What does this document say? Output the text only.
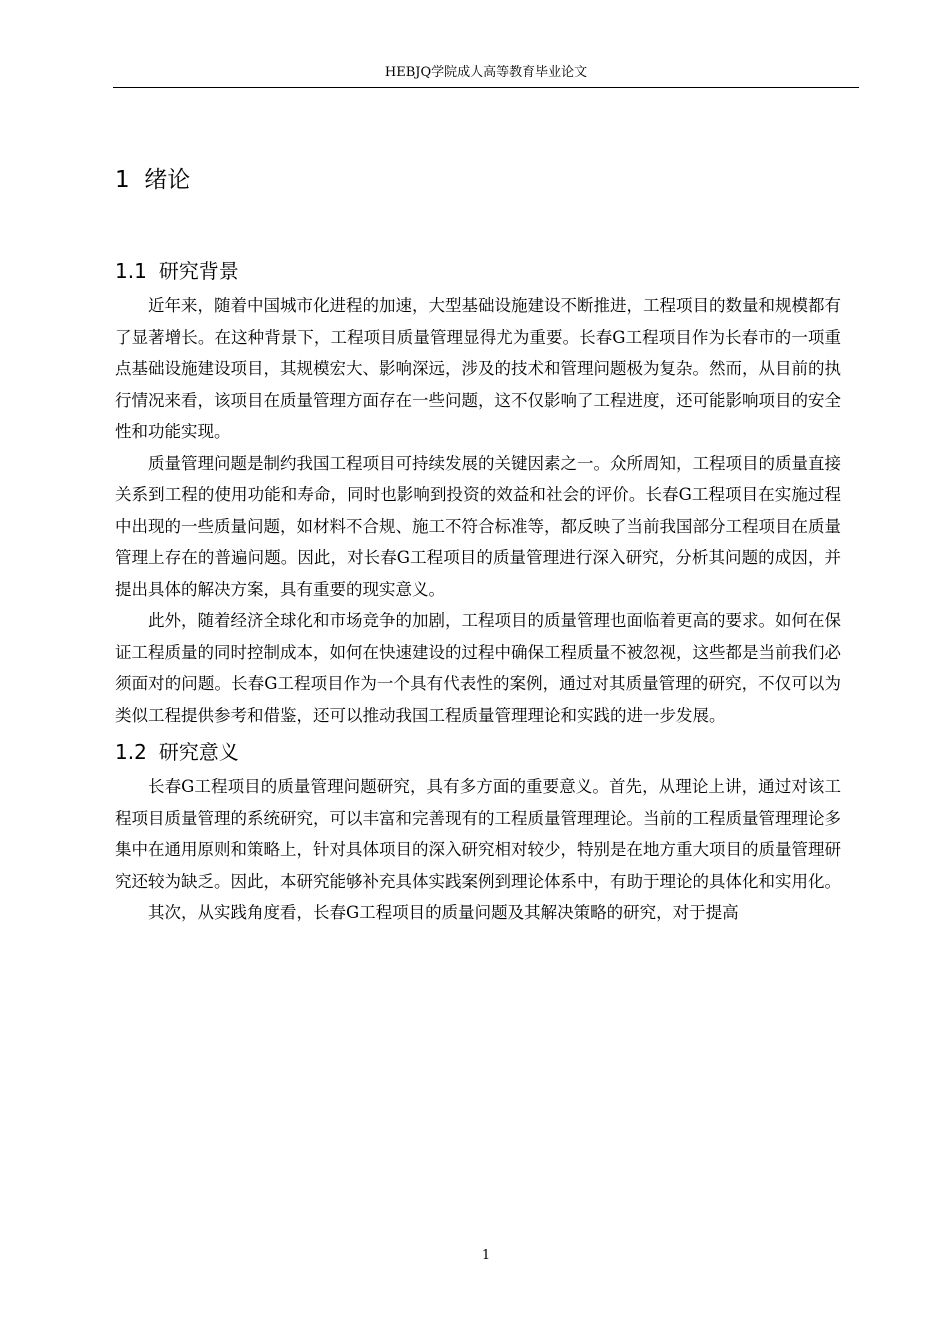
HEBJQ学院成人高等教育毕业论文
1 绪论
1.1 研究背景

近年来，随着中国城市化进程的加速，大型基础设施建设不断推进，工程项目的数量和规模都有了显著增长。在这种背景下，工程项目质量管理显得尤为重要。长春G工程项目作为长春市的一项重点基础设施建设项目，其规模宏大、影响深远，涉及的技术和管理问题极为复杂。然而，从目前的执行情况来看，该项目在质量管理方面存在一些问题，这不仅影响了工程进度，还可能影响项目的安全性和功能实现。

质量管理问题是制约我国工程项目可持续发展的关键因素之一。众所周知，工程项目的质量直接关系到工程的使用功能和寿命，同时也影响到投资的效益和社会的评价。长春G工程项目在实施过程中出现的一些质量问题，如材料不合规、施工不符合标准等，都反映了当前我国部分工程项目在质量管理上存在的普遍问题。因此，对长春G工程项目的质量管理进行深入研究，分析其问题的成因，并提出具体的解决方案，具有重要的现实意义。

此外，随着经济全球化和市场竞争的加剧，工程项目的质量管理也面临着更高的要求。如何在保证工程质量的同时控制成本，如何在快速建设的过程中确保工程质量不被忽视，这些都是当前我们必须面对的问题。长春G工程项目作为一个具有代表性的案例，通过对其质量管理的研究，不仅可以为类似工程提供参考和借鉴，还可以推动我国工程质量管理理论和实践的进一步发展。

1.2 研究意义

长春G工程项目的质量管理问题研究，具有多方面的重要意义。首先，从理论上讲，通过对该工程项目质量管理的系统研究，可以丰富和完善现有的工程质量管理理论。当前的工程质量管理理论多集中在通用原则和策略上，针对具体项目的深入研究相对较少，特别是在地方重大项目的质量管理研究还较为缺乏。因此，本研究能够补充具体实践案例到理论体系中，有助于理论的具体化和实用化。

其次，从实践角度看，长春G工程项目的质量问题及其解决策略的研究，对于提高

1
